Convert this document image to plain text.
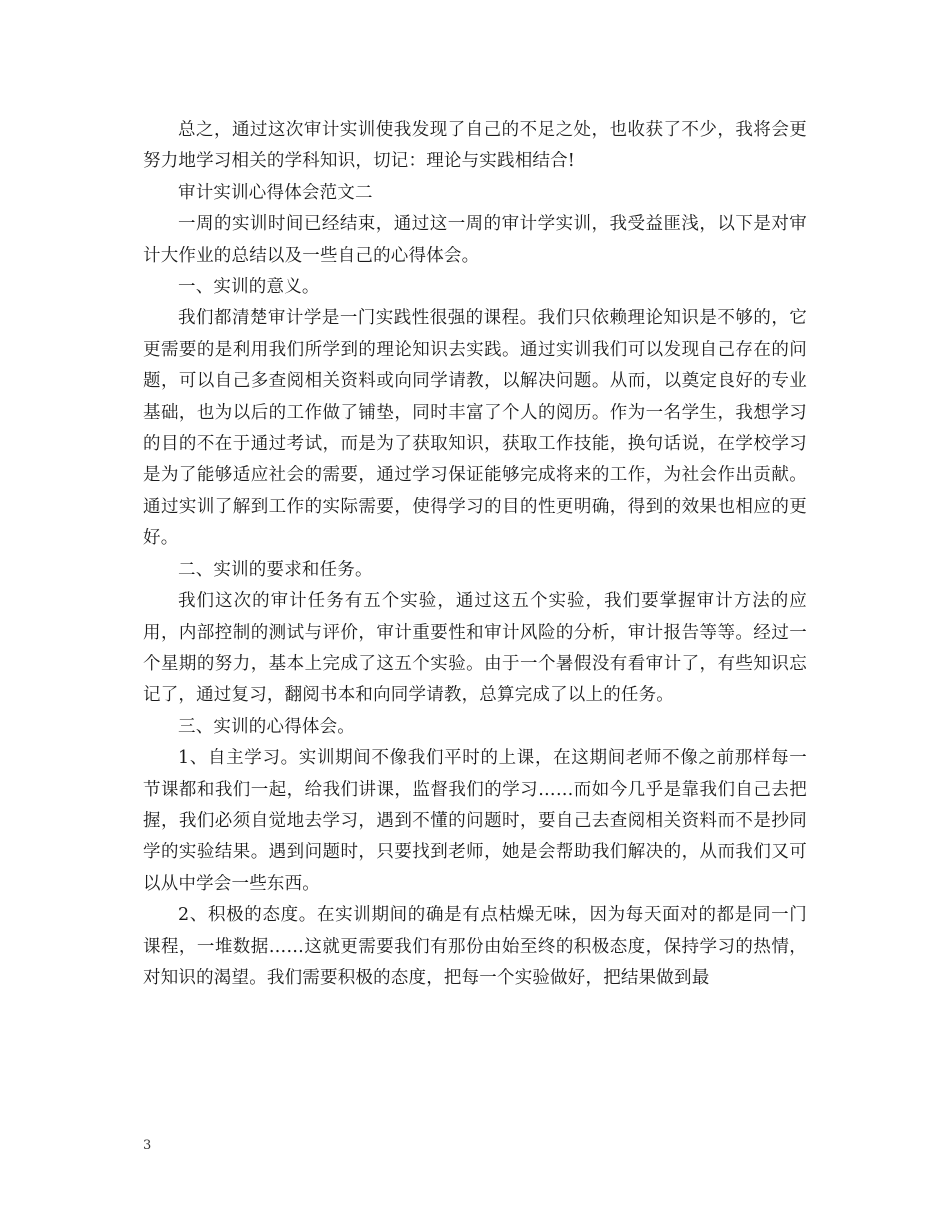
总之，通过这次审计实训使我发现了自己的不足之处，也收获了不少，我将会更努力地学习相关的学科知识，切记：理论与实践相结合!

审计实训心得体会范文二

一周的实训时间已经结束，通过这一周的审计学实训，我受益匪浅，以下是对审计大作业的总结以及一些自己的心得体会。

一、实训的意义。

我们都清楚审计学是一门实践性很强的课程。我们只依赖理论知识是不够的，它更需要的是利用我们所学到的理论知识去实践。通过实训我们可以发现自己存在的问题，可以自己多查阅相关资料或向同学请教，以解决问题。从而，以奠定良好的专业基础，也为以后的工作做了铺垫，同时丰富了个人的阅历。作为一名学生，我想学习的目的不在于通过考试，而是为了获取知识，获取工作技能，换句话说，在学校学习是为了能够适应社会的需要，通过学习保证能够完成将来的工作，为社会作出贡献。通过实训了解到工作的实际需要，使得学习的目的性更明确，得到的效果也相应的更好。

二、实训的要求和任务。

我们这次的审计任务有五个实验，通过这五个实验，我们要掌握审计方法的应用，内部控制的测试与评价，审计重要性和审计风险的分析，审计报告等等。经过一个星期的努力，基本上完成了这五个实验。由于一个暑假没有看审计了，有些知识忘记了，通过复习，翻阅书本和向同学请教，总算完成了以上的任务。

三、实训的心得体会。

1、自主学习。实训期间不像我们平时的上课，在这期间老师不像之前那样每一节课都和我们一起，给我们讲课，监督我们的学习……而如今几乎是靠我们自己去把握，我们必须自觉地去学习，遇到不懂的问题时，要自己去查阅相关资料而不是抄同学的实验结果。遇到问题时，只要找到老师，她是会帮助我们解决的，从而我们又可以从中学会一些东西。

2、积极的态度。在实训期间的确是有点枯燥无味，因为每天面对的都是同一门课程，一堆数据……这就更需要我们有那份由始至终的积极态度，保持学习的热情，对知识的渴望。我们需要积极的态度，把每一个实验做好，把结果做到最

3
